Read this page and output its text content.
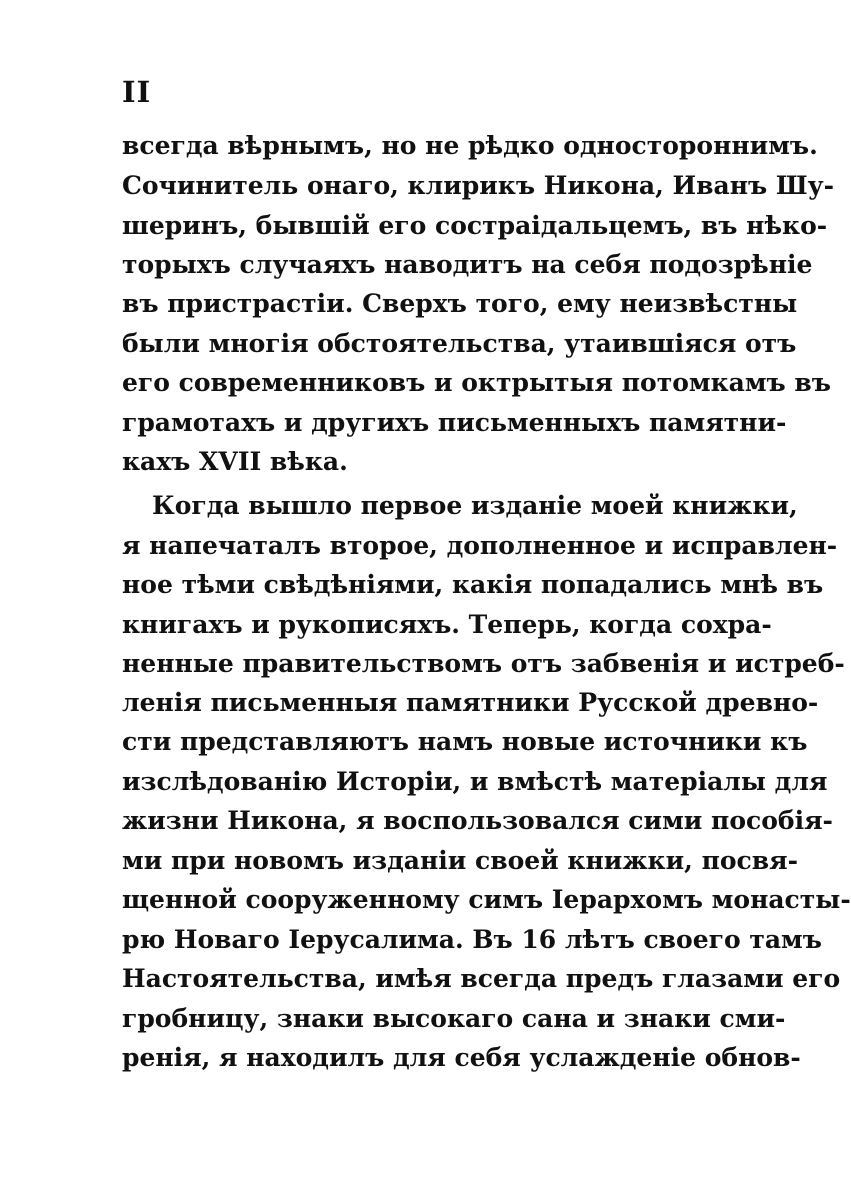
II
всегда вѣрнымъ, но не рѣдко одностороннимъ.
Сочинитель онаго, клирикъ Никона, Иванъ Шу-
шеринъ, бывшій его состраідальцемъ, въ нѣко-
торыхъ случаяхъ наводитъ на себя подозрѣніе
въ пристрастіи. Сверхъ того, ему неизвѣстны
были многія обстоятельства, утаившіяся отъ
его современниковъ и октрытыя потомкамъ въ
грамотахъ и другихъ письменныхъ памятни-
кахъ XVII вѣка.
Когда вышло первое изданіе моей книжки,
я напечаталъ второе, дополненное и исправлен-
ное тѣми свѣдѣніями, какія попадались мнѣ въ
книгахъ и рукописяхъ. Теперь, когда сохра-
ненные правительствомъ отъ забвенія и истреб-
ленія письменныя памятники Русской древно-
сти представляютъ намъ новые источники къ
изслѣдованію Исторіи, и вмѣстѣ матеріалы для
жизни Никона, я воспользовался сими пособія-
ми при новомъ изданіи своей книжки, посвя-
щенной сооруженному симъ Іерархомъ монасты-
рю Новаго Іерусалима. Въ 16 лѣтъ своего тамъ
Настоятельства, имѣя всегда предъ глазами его
гробницу, знаки высокаго сана и знаки сми-
ренія, я находилъ для себя услажденіе обнов-
